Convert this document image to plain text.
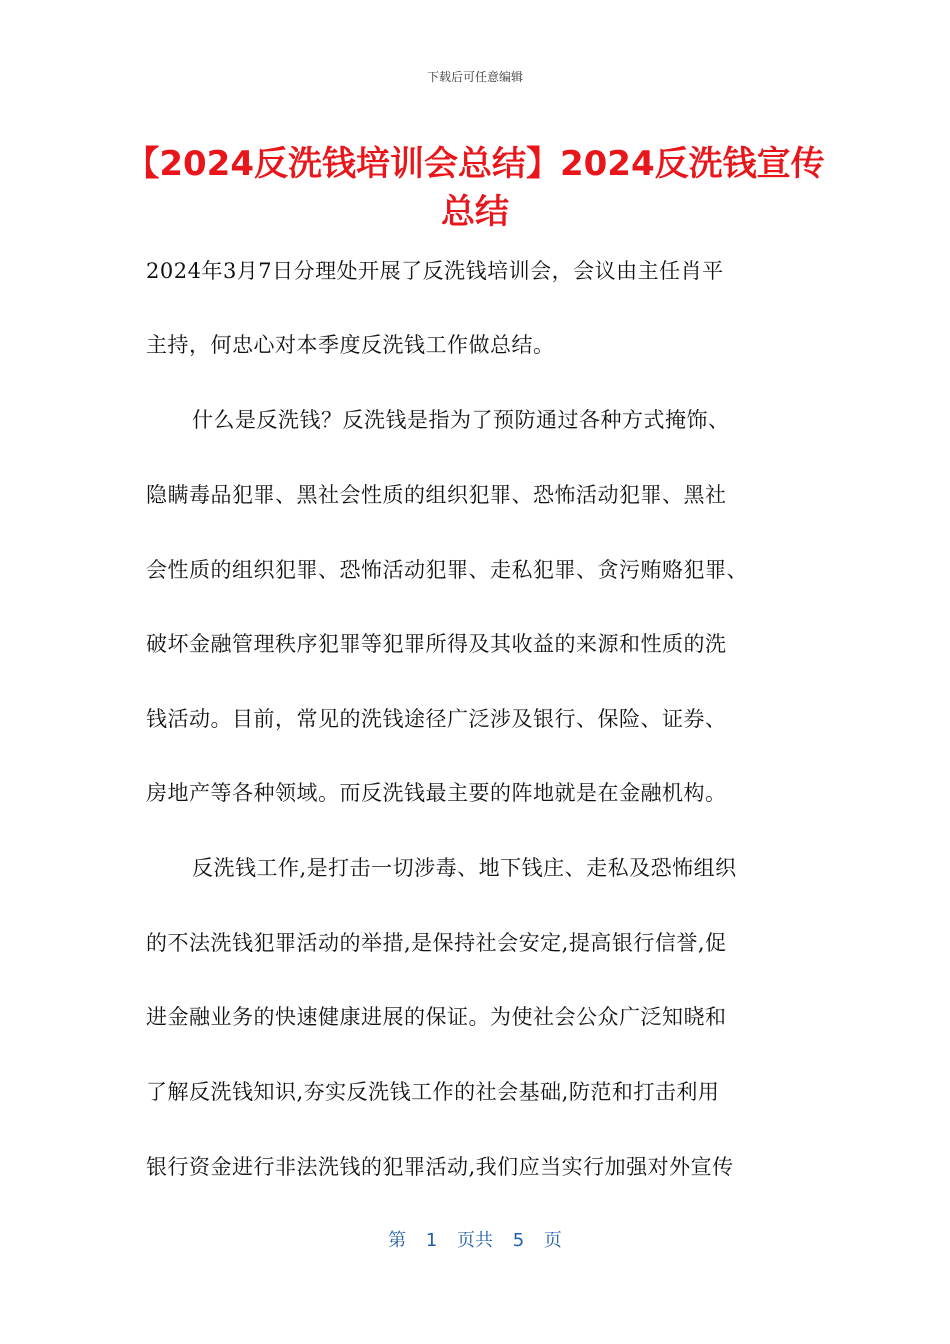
下载后可任意编辑
【2024反洗钱培训会总结】2024反洗钱宣传总结
2024年3月7日分理处开展了反洗钱培训会，会议由主任肖平
主持，何忠心对本季度反洗钱工作做总结。
什么是反洗钱？反洗钱是指为了预防通过各种方式掩饰、
隐瞒毒品犯罪、黑社会性质的组织犯罪、恐怖活动犯罪、黑社
会性质的组织犯罪、恐怖活动犯罪、走私犯罪、贪污贿赂犯罪、
破坏金融管理秩序犯罪等犯罪所得及其收益的来源和性质的洗
钱活动。目前，常见的洗钱途径广泛涉及银行、保险、证券、
房地产等各种领域。而反洗钱最主要的阵地就是在金融机构。
反洗钱工作,是打击一切涉毒、地下钱庄、走私及恐怖组织
的不法洗钱犯罪活动的举措,是保持社会安定,提高银行信誉,促
进金融业务的快速健康进展的保证。为使社会公众广泛知晓和
了解反洗钱知识,夯实反洗钱工作的社会基础,防范和打击利用
银行资金进行非法洗钱的犯罪活动,我们应当实行加强对外宣传
第 1 页共 5 页
